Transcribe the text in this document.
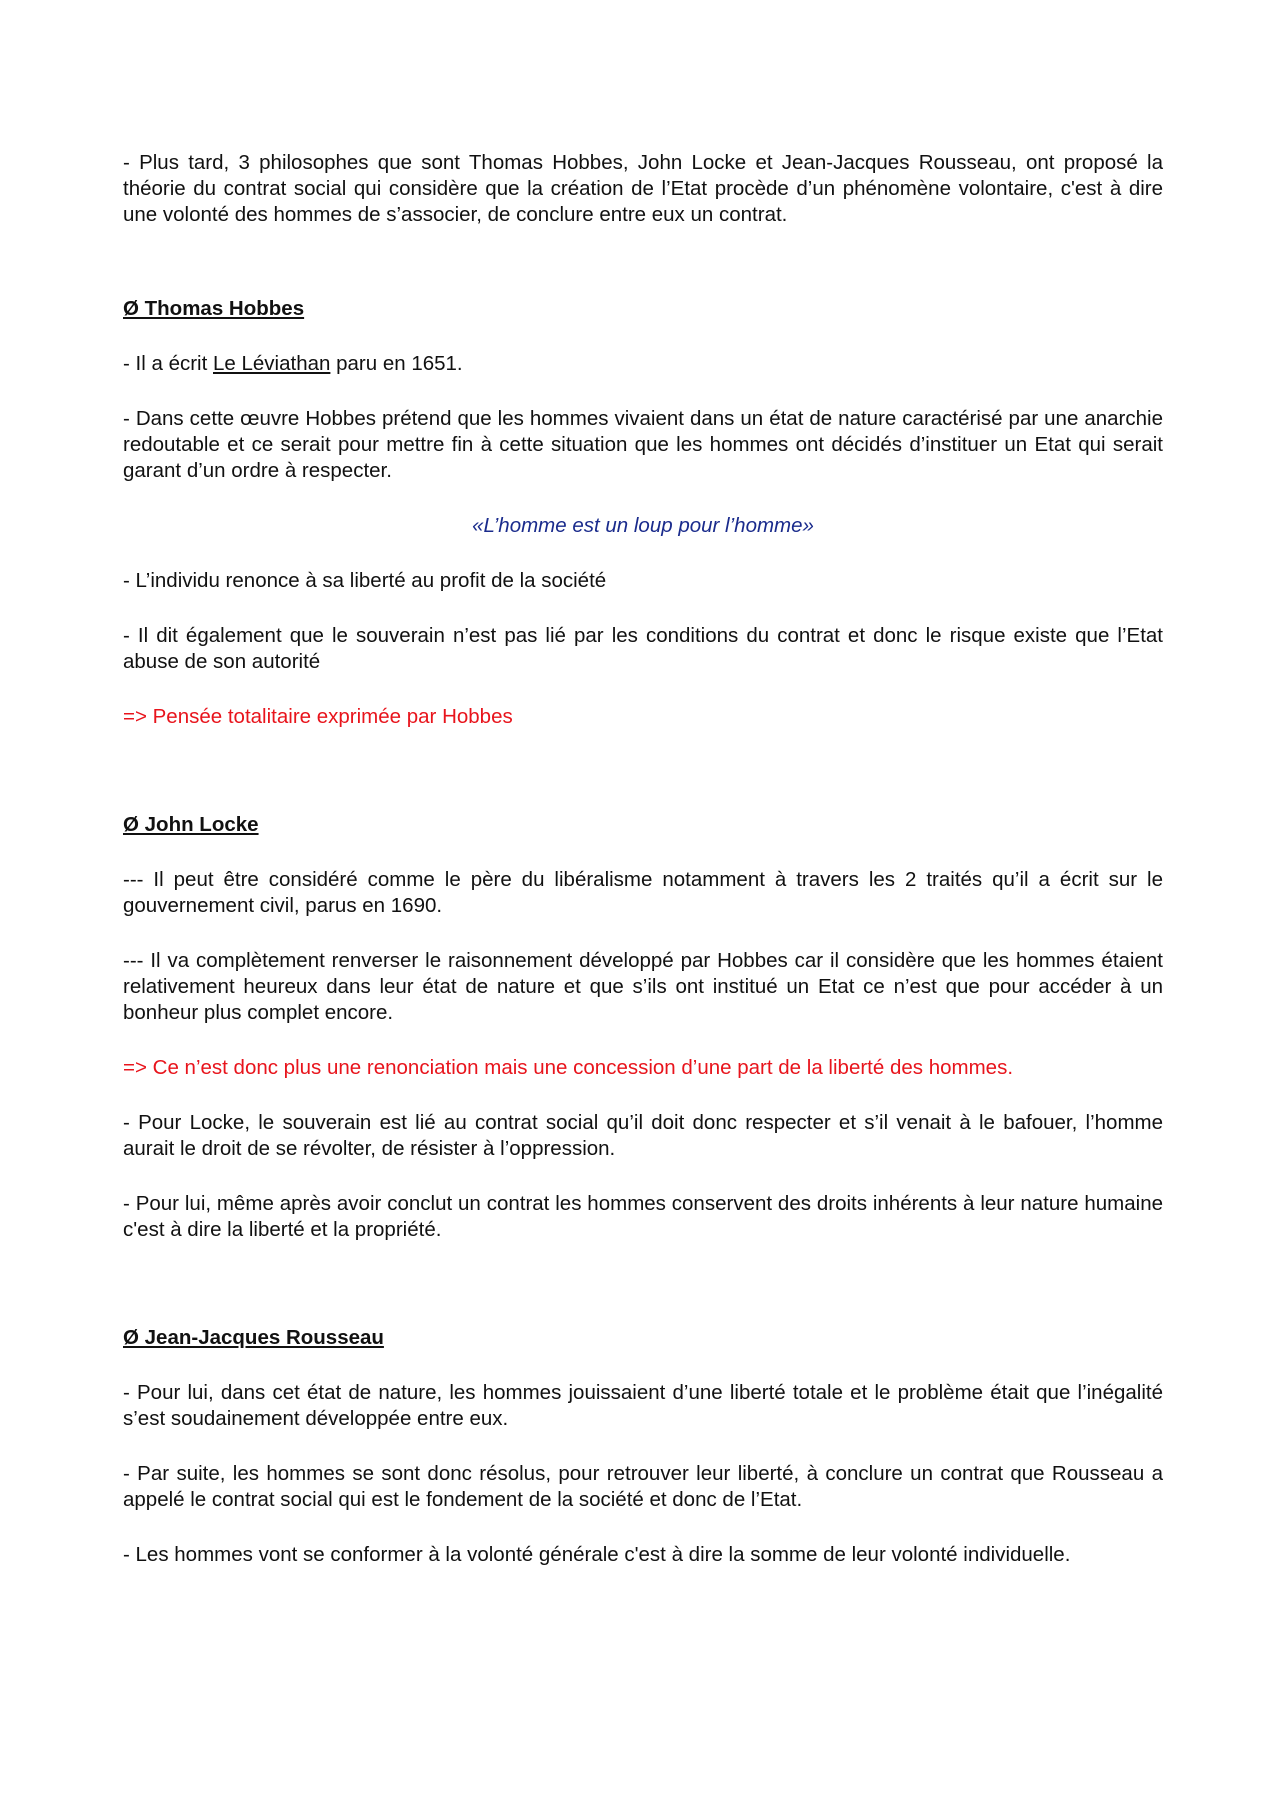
- Plus tard, 3 philosophes que sont Thomas Hobbes, John Locke et Jean-Jacques Rousseau, ont proposé la théorie du contrat social qui considère que la création de l’Etat procède d’un phénomène volontaire, c'est à dire une volonté des hommes de s’associer, de conclure entre eux un contrat.

Ø Thomas Hobbes

- Il a écrit Le Léviathan paru en 1651.

- Dans cette œuvre Hobbes prétend que les hommes vivaient dans un état de nature caractérisé par une anarchie redoutable et ce serait pour mettre fin à cette situation que les hommes ont décidés d’instituer un Etat qui serait garant d’un ordre à respecter.

«L’homme est un loup pour l’homme»

- L’individu renonce à sa liberté au profit de la société

- Il dit également que le souverain n’est pas lié par les conditions du contrat et donc le risque existe que l’Etat abuse de son autorité

=> Pensée totalitaire exprimée par Hobbes

Ø John Locke

--- Il peut être considéré comme le père du libéralisme notamment à travers les 2 traités qu’il a écrit sur le gouvernement civil, parus en 1690.

--- Il va complètement renverser le raisonnement développé par Hobbes car il considère que les hommes étaient relativement heureux dans leur état de nature et que s’ils ont institué un Etat ce n’est que pour accéder à un bonheur plus complet encore.

=> Ce n’est donc plus une renonciation mais une concession d’une part de la liberté des hommes.

- Pour Locke, le souverain est lié au contrat social qu’il doit donc respecter et s’il venait à le bafouer, l’homme aurait le droit de se révolter, de résister à l’oppression.

- Pour lui, même après avoir conclut un contrat les hommes conservent des droits inhérents à leur nature humaine c'est à dire la liberté et la propriété.

Ø Jean-Jacques Rousseau

- Pour lui, dans cet état de nature, les hommes jouissaient d’une liberté totale et le problème était que l’inégalité s’est soudainement développée entre eux.

- Par suite, les hommes se sont donc résolus, pour retrouver leur liberté, à conclure un contrat que Rousseau a appelé le contrat social qui est le fondement de la société et donc de l’Etat.

- Les hommes vont se conformer à la volonté générale c'est à dire la somme de leur volonté individuelle.
